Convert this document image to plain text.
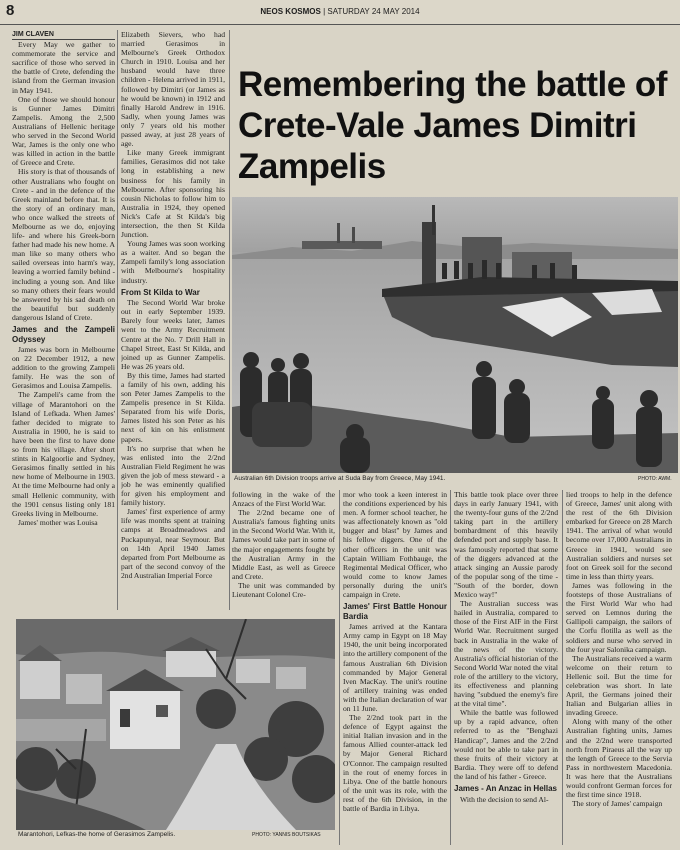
8	NEOS KOSMOS | SATURDAY 24 MAY 2014

JIM CLAVEN

Every May we gather to commemorate the service and sacrifice of those who served in the battle of Crete, defending the island from the German invasion in May 1941.

One of those we should honour is Gunner James Dimitri Zampelis. Among the 2,500 Australians of Hellenic heritage who served in the Second World War, James is the only one who was killed in action in the battle of Greece and Crete.

His story is that of thousands of other Australians who fought on Crete - and in the defence of the Greek mainland before that. It is the story of an ordinary man, who once walked the streets of Melbourne as we do, enjoying life- and where his Greek-born father had made his new home. A man like so many others who sailed overseas into harm's way, leaving a worried family behind - including a young son. And like so many others their fears would be answered by his sad death on the beautiful but suddenly dangerous Island of Crete.

James and the Zampeli Odyssey

James was born in Melbourne on 22 December 1912, a new addition to the growing Zampeli family. He was the son of Gerasimos and Louisa Zampelis.

The Zampeli's came from the village of Marantohori on the Island of Lefkada. When James' father decided to migrate to Australia in 1900, he is said to have been the first to have done so from his village. After short stints in Kalgoorlie and Sydney, Gerasimos finally settled in his new home of Melbourne in 1903. At the time Melbourne had only a small Hellenic community, with the 1901 census listing only 181 Greeks living in Melbourne.

James' mother was Louisa

Elizabeth Sievers, who had married Gerasimos in Melbourne's Greek Orthodox Church in 1910. Louisa and her husband would have three children - Helena arrived in 1911, followed by Dimitri (or James as he would be known) in 1912 and finally Harold Andrew in 1916. Sadly, when young James was only 7 years old his mother passed away, at just 28 years of age.

Like many Greek immigrant families, Gerasimos did not take long in establishing a new business for his family in Melbourne. After sponsoring his cousin Nicholas to follow him to Australia in 1924, they opened Nick's Cafe at St Kilda's big intersection, the then St Kilda Junction.

Young James was soon working as a waiter. And so began the Zampeli family's long association with Melbourne's hospitality industry.

From St Kilda to War

The Second World War broke out in early September 1939. Barely four weeks later, James went to the Army Recruitment Centre at the No. 7 Drill Hall in Chapel Street, East St Kilda, and joined up as Gunner Zampelis. He was 26 years old.

By this time, James had started a family of his own, adding his son Peter James Zampelis to the Zampelis presence in St Kilda. Separated from his wife Doris, James listed his son Peter as his next of kin on his enlistment papers.

It's no surprise that when he was enlisted into the 2/2nd Australian Field Regiment he was given the job of mess steward - a job he was eminently qualified for given his employment and family history.

James' first experience of army life was months spent at training camps at Broadmeadows and Puckapunyal, near Seymour. But on 14th April 1940 James departed from Port Melbourne as part of the second convoy of the 2nd Australian Imperial Force

Remembering the battle of Crete-Vale James Dimitri Zampelis
Australian 6th Division troops arrive at Suda Bay from Greece, May 1941.	PHOTO: AWM.

following in the wake of the Anzacs of the First World War.

The 2/2nd became one of Australia's famous fighting units in the Second World War. With it, James would take part in some of the major engagements fought by the Australian Army in the Middle East, as well as Greece and Crete.

The unit was commanded by Lieutenant Colonel Cre-

mor who took a keen interest in the conditions experienced by his men. A former school teacher, he was affectionately known as "old bugger and blast" by James and his fellow diggers. One of the other officers in the unit was Captain William Fothbauge, the Regimental Medical Officer, who would come to know James personally during the unit's campaign in Crete.

James' First Battle Honour Bardia

James arrived at the Kantara Army camp in Egypt on 18 May 1940, the unit being incorporated into the artillery component of the famous Australian 6th Division commanded by Major General Iven MacKay. The unit's routine of artillery training was ended with the Italian declaration of war on 11 June.

The 2/2nd took part in the defence of Egypt against the initial Italian invasion and in the famous Allied counter-attack led by Major General Richard O'Connor. The campaign resulted in the rout of enemy forces in Libya. One of the battle honours of the unit was its role, with the rest of the 6th Division, in the battle of Bardia in Libya.

This battle took place over three days in early January 1941, with the twenty-four guns of the 2/2nd taking part in the artillery bombardment of this heavily defended port and supply base. It was famously reported that some of the diggers advanced at the attack singing an Aussie parody of the popular song of the time - "South of the border, down Mexico way!"

The Australian success was hailed in Australia, compared to those of the First AIF in the First World War. Recruitment surged back in Australia in the wake of the news of the victory. Australia's official historian of the Second World War noted the vital role of the artillery to the victory, its effectiveness and planning having "subdued the enemy's fire at the vital time".

While the battle was followed up by a rapid advance, often referred to as the "Benghazi Handicap", James and the 2/2nd would not be able to take part in these fruits of their victory at Bardia. They were off to defend the land of his father - Greece.

James - An Anzac in Hellas

With the decision to send Al-

lied troops to help in the defence of Greece, James' unit along with the rest of the 6th Division embarked for Greece on 28 March 1941. The arrival of what would become over 17,000 Australians in Greece in 1941, would see Australian soldiers and nurses set foot on Greek soil for the second time in less than thirty years.

James was following in the footsteps of those Australians of the First World War who had served on Lemnos during the Gallipoli campaign, the sailors of the Corfu flotilla as well as the soldiers and nurse who served in the four year Salonika campaign.

The Australians received a warm welcome on their return to Hellenic soil. But the time for celebration was short. In late April, the Germans joined their Italian and Bulgarian allies in invading Greece.

Along with many of the other Australian fighting units, James and the 2/2nd were transported north from Piraeus all the way up the length of Greece to the Servia Pass in northwestern Macedonia. It was here that the Australians would confront German forces for the first time since 1918.

The story of James' campaign

Marantohori, Lefkas-the home of Gerasimos Zampelis.	PHOTO: YANNIS BOUTSIKAS
